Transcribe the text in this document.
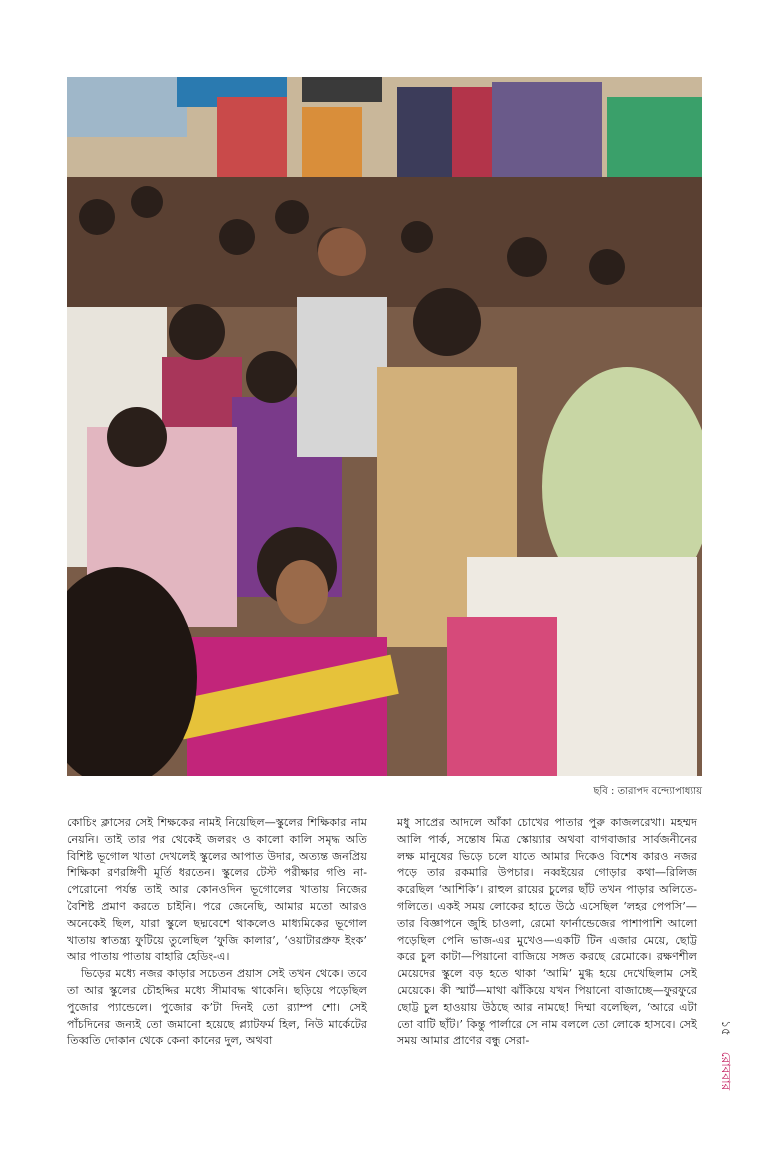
ছবি : তারাপদ বন্দ্যোপাধ্যায়

কোচিং ক্লাসের সেই শিক্ষকের নামই নিয়েছিল—স্কুলের শিক্ষিকার নাম নেয়নি। তাই তার পর থেকেই জলরং ও কালো কালি সমৃদ্ধ অতি বিশিষ্ট ভূগোল খাতা দেখলেই স্কুলের আপাত উদার, অত্যন্ত জনপ্রিয় শিক্ষিকা রণরঙ্গিণী মূর্তি ধরতেন। স্কুলের টেস্ট পরীক্ষার গণ্ডি না-পেরোনো পর্যন্ত তাই আর কোনওদিন ভূগোলের খাতায় নিজের বৈশিষ্ট প্রমাণ করতে চাইনি। পরে জেনেছি, আমার মতো আরও অনেকেই ছিল, যারা স্কুলে ছদ্মবেশে থাকলেও মাধ্যমিকের ভূগোল খাতায় স্বাতন্ত্র্য ফুটিয়ে তুলেছিল ‘ফুজি কালার’, ‘ওয়াটারপ্রুফ ইংক’ আর পাতায় পাতায় বাহারি হেডিং-এ।

ভিড়ের মধ্যে নজর কাড়ার সচেতন প্রয়াস সেই তখন থেকে। তবে তা আর স্কুলের চৌহদ্দির মধ্যে সীমাবদ্ধ থাকেনি। ছড়িয়ে পড়েছিল পুজোর প্যান্ডেলে। পুজোর ক’টা দিনই তো র‍্যাম্প শো। সেই পাঁচদিনের জন্যই তো জমানো হয়েছে প্ল্যাটফর্ম হিল, নিউ মার্কেটের তিব্বতি দোকান থেকে কেনা কানের দুল, অথবা

মধু সাপ্রের আদলে আঁকা চোখের পাতার পুরু কাজলরেখা। মহম্মদ আলি পার্ক, সন্তোষ মিত্র স্কোয়্যার অথবা বাগবাজার সার্বজনীনের লক্ষ মানুষের ভিড়ে চলে যাতে আমার দিকেও বিশেষ কারও নজর পড়ে তার রকমারি উপচার। নব্বইয়ের গোড়ার কথা—রিলিজ করেছিল ‘আশিকি’। রাহুল রায়ের চুলের ছাঁট তখন পাড়ার অলিতে-গলিতে। একই সময় লোকের হাতে উঠে এসেছিল ‘লহর পেপসি’—তার বিজ্ঞাপনে জুহি চাওলা, রেমো ফার্নান্ডেজের পাশাপাশি আলো পড়েছিল পেনি ভাজ-এর মুখেও—একটি টিন এজার মেয়ে, ছোট্ট করে চুল কাটা—পিয়ানো বাজিয়ে সঙ্গত করছে রেমোকে। রক্ষণশীল মেয়েদের স্কুলে বড় হতে থাকা ‘আমি’ মুগ্ধ হয়ে দেখেছিলাম সেই মেয়েকে। কী স্মার্ট—মাথা ঝাঁকিয়ে যখন পিয়ানো বাজাচ্ছে—ফুরফুরে ছোট্ট চুল হাওয়ায় উঠছে আর নামছে! দিম্মা বলেছিল, ‘আরে এটা তো বাটি ছাঁট।’ কিন্তু পার্লারে সে নাম বললে তো লোকে হাসবে। সেই সময় আমার প্রাণের বন্ধু সেরা-

১৫
রোববার
